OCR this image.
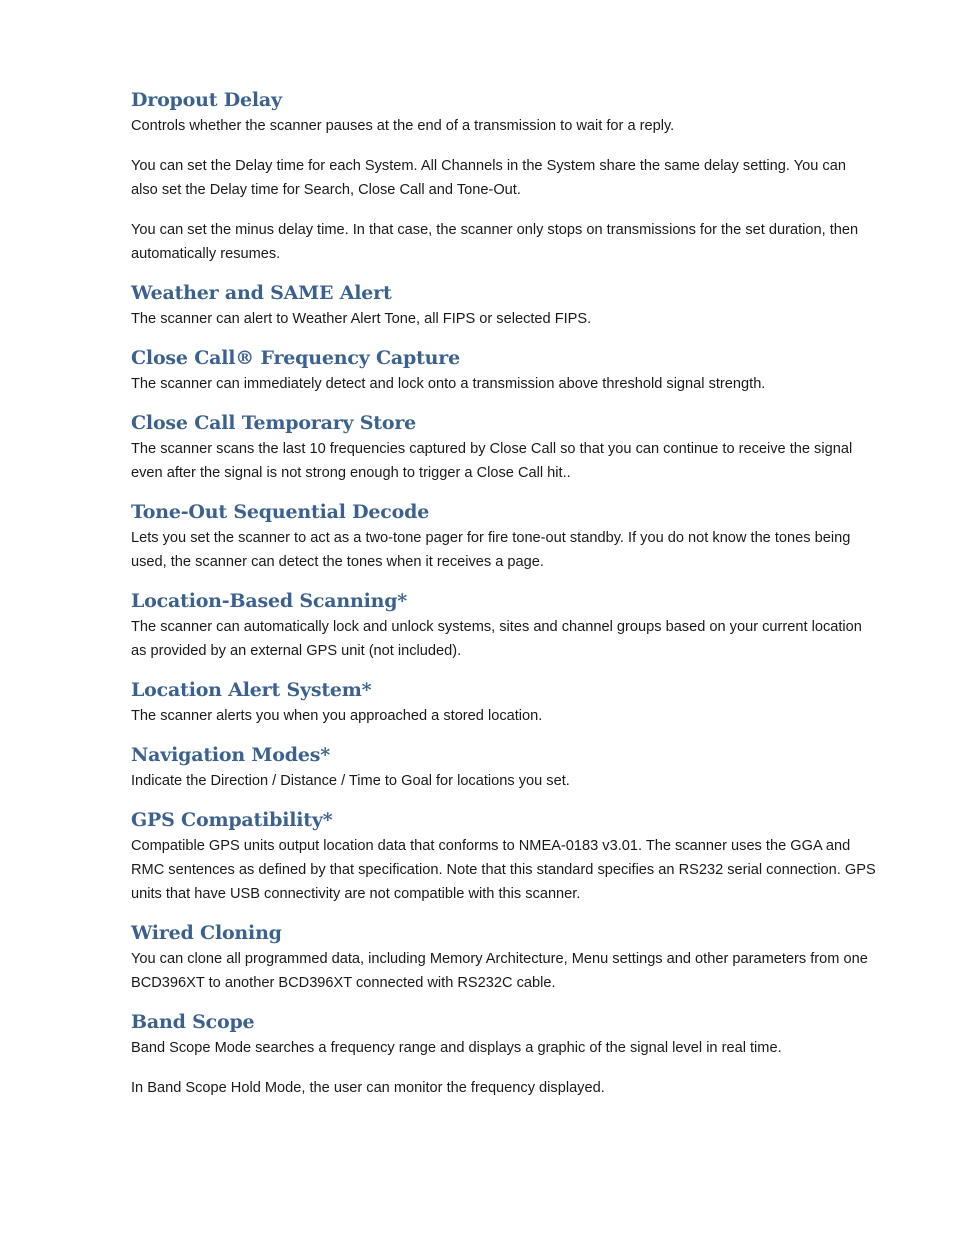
Dropout Delay

Controls whether the scanner pauses at the end of a transmission to wait for a reply.

You can set the Delay time for each System. All Channels in the System share the same delay setting. You can also set the Delay time for Search, Close Call and Tone-Out.

You can set the minus delay time. In that case, the scanner only stops on transmissions for the set duration, then automatically resumes.

Weather and SAME Alert

The scanner can alert to Weather Alert Tone, all FIPS or selected FIPS.

Close Call® Frequency Capture

The scanner can immediately detect and lock onto a transmission above threshold signal strength.

Close Call Temporary Store

The scanner scans the last 10 frequencies captured by Close Call so that you can continue to receive the signal even after the signal is not strong enough to trigger a Close Call hit..

Tone-Out Sequential Decode

Lets you set the scanner to act as a two-tone pager for fire tone-out standby. If you do not know the tones being used, the scanner can detect the tones when it receives a page.

Location-Based Scanning*

The scanner can automatically lock and unlock systems, sites and channel groups based on your current location as provided by an external GPS unit (not included).

Location Alert System*

The scanner alerts you when you approached a stored location.

Navigation Modes*

Indicate the Direction / Distance / Time to Goal for locations you set.

GPS Compatibility*

Compatible GPS units output location data that conforms to NMEA-0183 v3.01. The scanner uses the GGA and RMC sentences as defined by that specification. Note that this standard specifies an RS232 serial connection. GPS units that have USB connectivity are not compatible with this scanner.

Wired Cloning

You can clone all programmed data, including Memory Architecture, Menu settings and other parameters from one BCD396XT to another BCD396XT connected with RS232C cable.

Band Scope

Band Scope Mode searches a frequency range and displays a graphic of the signal level in real time.

In Band Scope Hold Mode, the user can monitor the frequency displayed.
